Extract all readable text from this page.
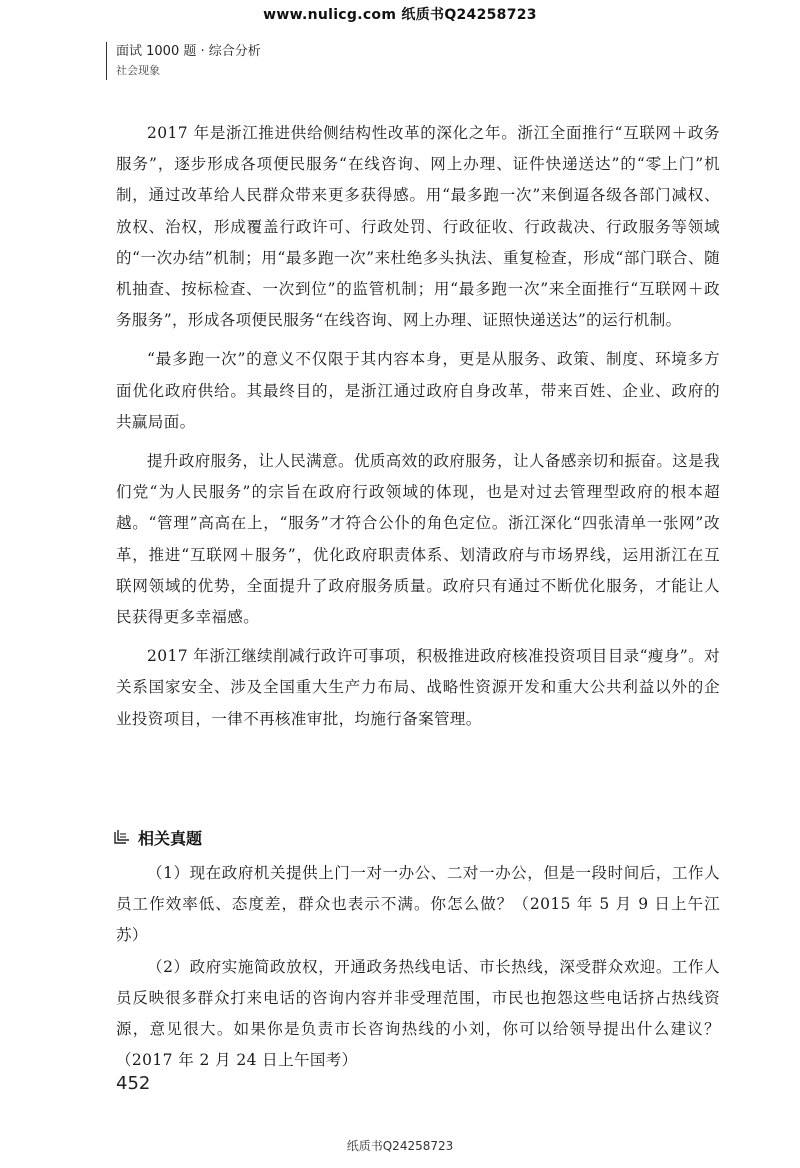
www.nulicg.com 纸质书Q24258723
面试 1000 题 · 综合分析
社会现象

2017 年是浙江推进供给侧结构性改革的深化之年。浙江全面推行“互联网＋政务服务”，逐步形成各项便民服务“在线咨询、网上办理、证件快递送达”的“零上门”机制，通过改革给人民群众带来更多获得感。用“最多跑一次”来倒逼各级各部门减权、放权、治权，形成覆盖行政许可、行政处罚、行政征收、行政裁决、行政服务等领域的“一次办结”机制；用“最多跑一次”来杜绝多头执法、重复检查，形成“部门联合、随机抽查、按标检查、一次到位”的监管机制；用“最多跑一次”来全面推行“互联网＋政务服务”，形成各项便民服务“在线咨询、网上办理、证照快递送达”的运行机制。

“最多跑一次”的意义不仅限于其内容本身，更是从服务、政策、制度、环境多方面优化政府供给。其最终目的，是浙江通过政府自身改革，带来百姓、企业、政府的共赢局面。

提升政府服务，让人民满意。优质高效的政府服务，让人备感亲切和振奋。这是我们党“为人民服务”的宗旨在政府行政领域的体现，也是对过去管理型政府的根本超越。“管理”高高在上，“服务”才符合公仆的角色定位。浙江深化“四张清单一张网”改革，推进“互联网＋服务”，优化政府职责体系、划清政府与市场界线，运用浙江在互联网领域的优势，全面提升了政府服务质量。政府只有通过不断优化服务，才能让人民获得更多幸福感。

2017 年浙江继续削减行政许可事项，积极推进政府核准投资项目目录“瘦身”。对关系国家安全、涉及全国重大生产力布局、战略性资源开发和重大公共利益以外的企业投资项目，一律不再核准审批，均施行备案管理。

相关真题

（1）现在政府机关提供上门一对一办公、二对一办公，但是一段时间后，工作人员工作效率低、态度差，群众也表示不满。你怎么做？（2015 年 5 月 9 日上午江苏）

（2）政府实施简政放权，开通政务热线电话、市长热线，深受群众欢迎。工作人员反映很多群众打来电话的咨询内容并非受理范围，市民也抱怨这些电话挤占热线资源，意见很大。如果你是负责市长咨询热线的小刘，你可以给领导提出什么建议？（2017 年 2 月 24 日上午国考）

452
纸质书Q24258723
